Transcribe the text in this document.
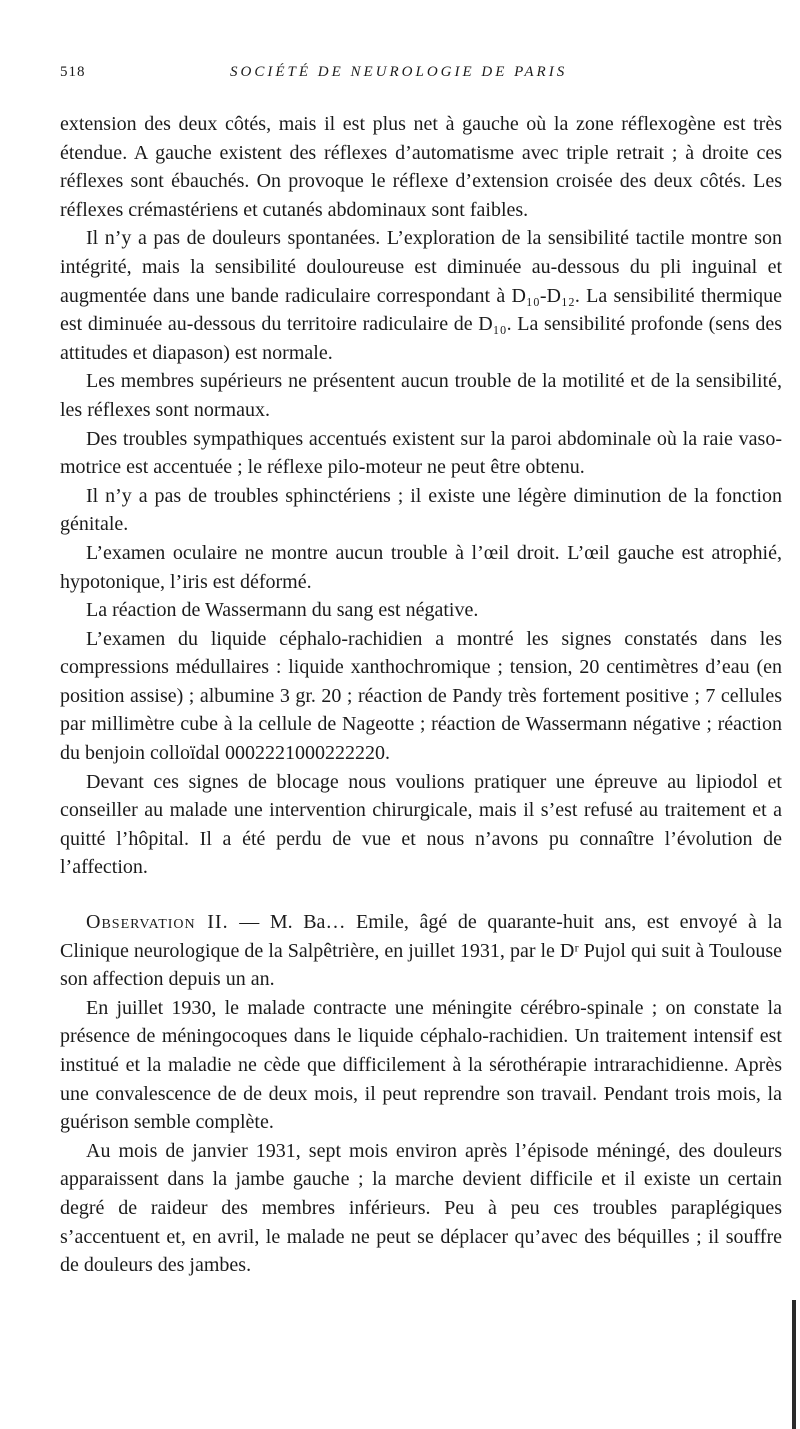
518	SOCIÉTÉ DE NEUROLOGIE DE PARIS

extension des deux côtés, mais il est plus net à gauche où la zone réflexogène est très étendue. A gauche existent des réflexes d’automatisme avec triple retrait ; à droite ces réflexes sont ébauchés. On provoque le réflexe d’extension croisée des deux côtés. Les réflexes crémastériens et cutanés abdominaux sont faibles.

Il n’y a pas de douleurs spontanées. L’exploration de la sensibilité tactile montre son intégrité, mais la sensibilité douloureuse est diminuée au-dessous du pli inguinal et augmentée dans une bande radiculaire correspondant à D₁₀-D₁₂. La sensibilité thermique est diminuée au-dessous du territoire radiculaire de D₁₀. La sensibilité profonde (sens des attitudes et diapason) est normale.

Les membres supérieurs ne présentent aucun trouble de la motilité et de la sensibilité, les réflexes sont normaux.

Des troubles sympathiques accentués existent sur la paroi abdominale où la raie vaso-motrice est accentuée ; le réflexe pilo-moteur ne peut être obtenu.

Il n’y a pas de troubles sphinctériens ; il existe une légère diminution de la fonction génitale.

L’examen oculaire ne montre aucun trouble à l’œil droit. L’œil gauche est atrophié, hypotonique, l’iris est déformé.

La réaction de Wassermann du sang est négative.

L’examen du liquide céphalo-rachidien a montré les signes constatés dans les compressions médullaires : liquide xanthochromique ; tension, 20 centimètres d’eau (en position assise) ; albumine 3 gr. 20 ; réaction de Pandy très fortement positive ; 7 cellules par millimètre cube à la cellule de Nageotte ; réaction de Wassermann négative ; réaction du benjoin colloïdal 0002221000222220.

Devant ces signes de blocage nous voulions pratiquer une épreuve au lipiodol et conseiller au malade une intervention chirurgicale, mais il s’est refusé au traitement et a quitté l’hôpital. Il a été perdu de vue et nous n’avons pu connaître l’évolution de l’affection.

Observation II. — M. Ba… Emile, âgé de quarante-huit ans, est envoyé à la Clinique neurologique de la Salpêtrière, en juillet 1931, par le Dʳ Pujol qui suit à Toulouse son affection depuis un an.

En juillet 1930, le malade contracte une méningite cérébro-spinale ; on constate la présence de méningocoques dans le liquide céphalo-rachidien. Un traitement intensif est institué et la maladie ne cède que difficilement à la sérothérapie intrarachidienne. Après une convalescence de de deux mois, il peut reprendre son travail. Pendant trois mois, la guérison semble complète.

Au mois de janvier 1931, sept mois environ après l’épisode méningé, des douleurs apparaissent dans la jambe gauche ; la marche devient difficile et il existe un certain degré de raideur des membres inférieurs. Peu à peu ces troubles paraplégiques s’accentuent et, en avril, le malade ne peut se déplacer qu’avec des béquilles ; il souffre de douleurs des jambes.
